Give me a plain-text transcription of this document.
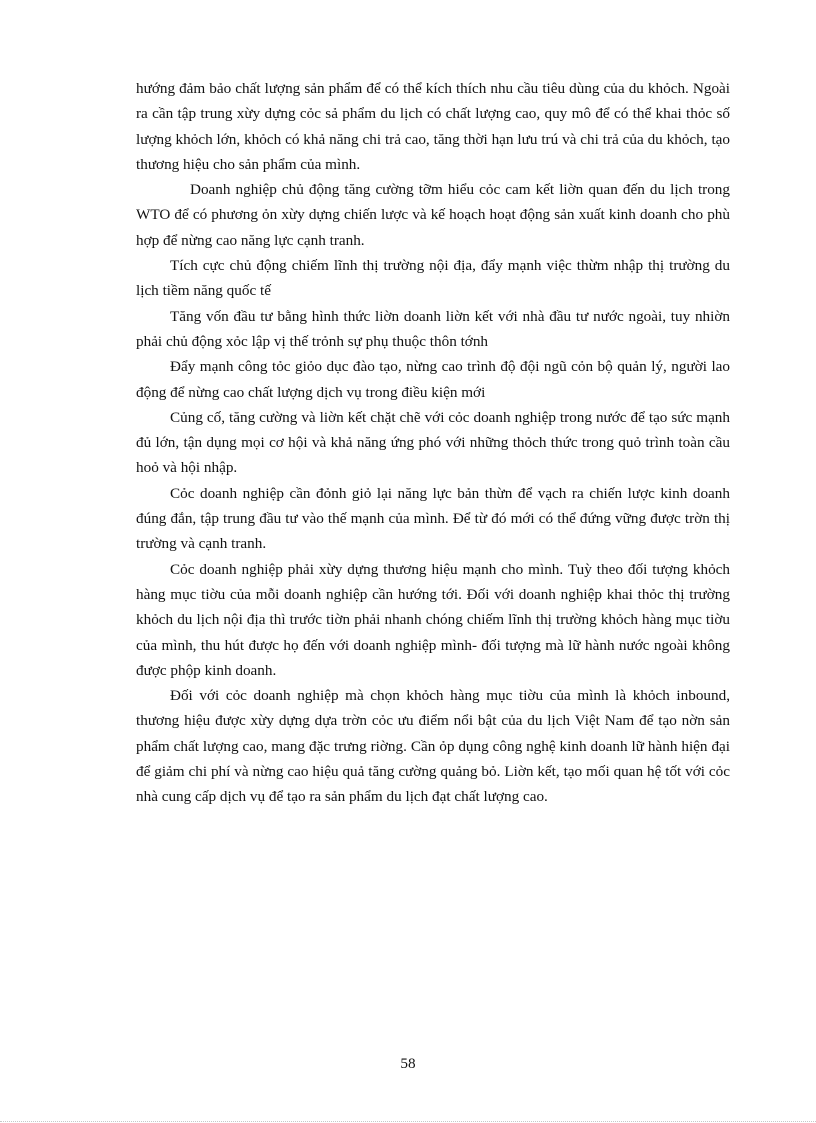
hướng đảm bảo chất lượng sản phẩm để có thể kích thích nhu cầu tiêu dùng của du khỏch. Ngoài ra cần tập trung xừy dựng cỏc sả phẩm du lịch có chất lượng cao, quy mô để có thể khai thỏc số lượng khỏch lớn, khỏch có khả năng chi trả cao, tăng thời hạn lưu trú và chi trả của du khỏch, tạo thương hiệu cho sản phẩm của mình.

Doanh nghiệp chủ động tăng cường tỡm hiểu cỏc cam kết liờn quan đến du lịch trong WTO để có phương ỏn xừy dựng chiến lược và kế hoạch hoạt động sản xuất kinh doanh cho phù hợp để nừng cao năng lực cạnh tranh.

Tích cực chủ động chiếm lĩnh thị trường nội địa, đẩy mạnh việc thừm nhập thị trường du lịch tiềm năng quốc tế

Tăng vốn đầu tư bằng hình thức liờn doanh liờn kết với nhà đầu tư nước ngoài, tuy nhiờn phải chủ động xỏc lập vị thế trỏnh sự phụ thuộc thôn tớnh

Đẩy mạnh công tỏc giỏo dục đào tạo, nừng cao trình độ đội ngũ cỏn bộ quản lý, người lao động để nừng cao chất lượng dịch vụ trong điều kiện mới

Củng cố, tăng cường và liờn kết chặt chẽ với cỏc doanh nghiệp trong nước để tạo sức mạnh đủ lớn, tận dụng mọi cơ hội và khả năng ứng phó với những thỏch thức trong quỏ trình toàn cầu hoỏ và hội nhập.

Cỏc doanh nghiệp cần đỏnh giỏ lại năng lực bản thừn để vạch ra chiến lược kinh doanh đúng đắn, tập trung đầu tư vào thế mạnh của mình. Để từ đó mới có thể đứng vững được trờn thị trường và cạnh tranh.

Cỏc doanh nghiệp phải xừy dựng thương hiệu mạnh cho mình. Tuỳ theo đối tượng khỏch hàng mục tiờu của mỗi doanh nghiệp cần hướng tới. Đối với doanh nghiệp khai thỏc thị trường khỏch du lịch nội địa thì trước tiờn phải nhanh chóng chiếm lĩnh thị trường khỏch hàng mục tiờu của mình, thu hút được họ đến với doanh nghiệp mình- đối tượng mà lữ hành nước ngoài không được phộp kinh doanh.

Đối với cỏc doanh nghiệp mà chọn khỏch hàng mục tiờu của mình là khỏch inbound, thương hiệu được xừy dựng dựa trờn cỏc ưu điểm nổi bật của du lịch Việt Nam để tạo nờn sản phẩm chất lượng cao, mang đặc trưng riờng. Cần ỏp dụng công nghệ kinh doanh lữ hành hiện đại để giảm chi phí và nừng cao hiệu quả tăng cường quảng bỏ. Liờn kết, tạo mối quan hệ tốt với cỏc nhà cung cấp dịch vụ để tạo ra sản phẩm du lịch đạt chất lượng cao.

58
